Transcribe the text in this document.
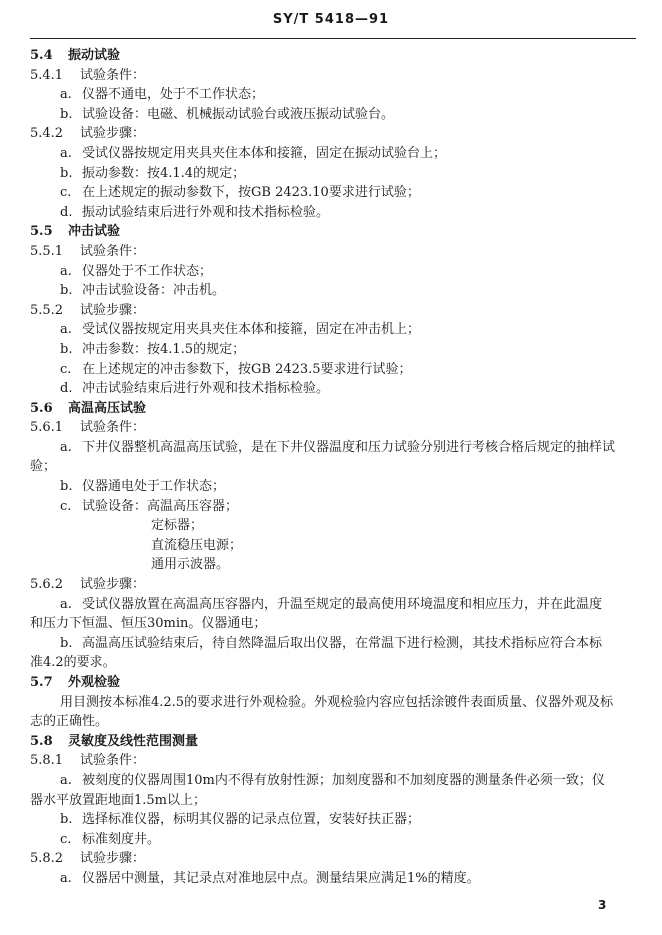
SY/T 5418—91
5.4 振动试验
5.4.1 试验条件：
a. 仪器不通电，处于不工作状态；
b. 试验设备：电磁、机械振动试验台或液压振动试验台。
5.4.2 试验步骤：
a. 受试仪器按规定用夹具夹住本体和接箍，固定在振动试验台上；
b. 振动参数：按4.1.4的规定；
c. 在上述规定的振动参数下，按GB 2423.10要求进行试验；
d. 振动试验结束后进行外观和技术指标检验。
5.5 冲击试验
5.5.1 试验条件：
a. 仪器处于不工作状态；
b. 冲击试验设备：冲击机。
5.5.2 试验步骤：
a. 受试仪器按规定用夹具夹住本体和接箍，固定在冲击机上；
b. 冲击参数：按4.1.5的规定；
c. 在上述规定的冲击参数下，按GB 2423.5要求进行试验；
d. 冲击试验结束后进行外观和技术指标检验。
5.6 高温高压试验
5.6.1 试验条件：
a. 下井仪器整机高温高压试验，是在下井仪器温度和压力试验分别进行考核合格后规定的抽样试
验；
b. 仪器通电处于工作状态；
c. 试验设备：高温高压容器；
定标器；
直流稳压电源；
通用示波器。
5.6.2 试验步骤：
a. 受试仪器放置在高温高压容器内，升温至规定的最高使用环境温度和相应压力，并在此温度
和压力下恒温、恒压30min。仪器通电；
b. 高温高压试验结束后，待自然降温后取出仪器，在常温下进行检测，其技术指标应符合本标
准4.2的要求。
5.7 外观检验
用目测按本标准4.2.5的要求进行外观检验。外观检验内容应包括涂镀件表面质量、仪器外观及标
志的正确性。
5.8 灵敏度及线性范围测量
5.8.1 试验条件：
a. 被刻度的仪器周围10m内不得有放射性源；加刻度器和不加刻度器的测量条件必须一致；仪
器水平放置距地面1.5m以上；
b. 选择标准仪器，标明其仪器的记录点位置，安装好扶正器；
c. 标准刻度井。
5.8.2 试验步骤：
a. 仪器居中测量，其记录点对准地层中点。测量结果应满足1%的精度。
3
